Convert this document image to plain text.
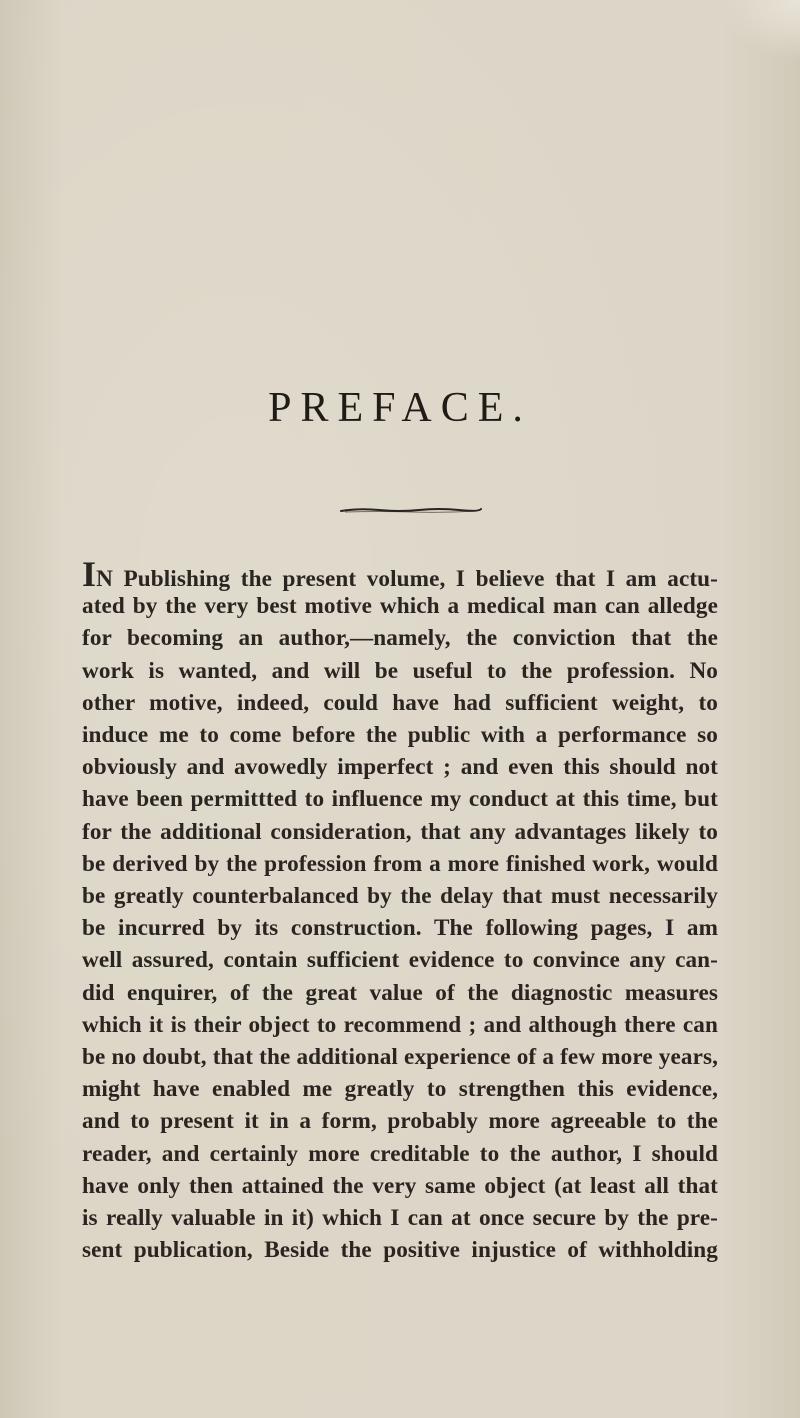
PREFACE.
IN Publishing the present volume, I believe that I am actu-
ated by the very best motive which a medical man can alledge
for becoming an author,—namely, the conviction that the
work is wanted, and will be useful to the profession. No
other motive, indeed, could have had sufficient weight, to
induce me to come before the public with a performance so
obviously and avowedly imperfect ; and even this should not
have been permittted to influence my conduct at this time, but
for the additional consideration, that any advantages likely to
be derived by the profession from a more finished work, would
be greatly counterbalanced by the delay that must necessarily
be incurred by its construction. The following pages, I am
well assured, contain sufficient evidence to convince any can-
did enquirer, of the great value of the diagnostic measures
which it is their object to recommend ; and although there can
be no doubt, that the additional experience of a few more years,
might have enabled me greatly to strengthen this evidence,
and to present it in a form, probably more agreeable to the
reader, and certainly more creditable to the author, I should
have only then attained the very same object (at least all that
is really valuable in it) which I can at once secure by the pre-
sent publication, Beside the positive injustice of withholding
